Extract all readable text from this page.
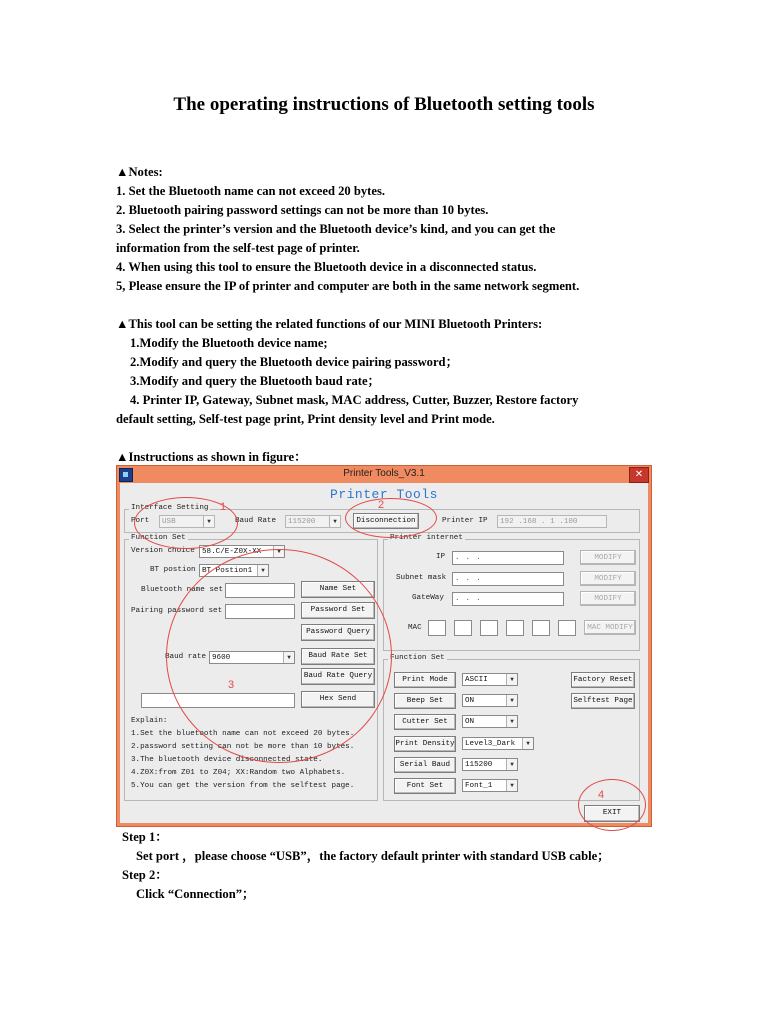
The operating instructions of Bluetooth setting tools
▲Notes:
1. Set the Bluetooth name can not exceed 20 bytes.
2. Bluetooth pairing password settings can not be more than 10 bytes.
3. Select the printer’s version and the Bluetooth device’s kind, and you can get the
information from the self-test page of printer.
4. When using this tool to ensure the Bluetooth device in a disconnected status.
5, Please ensure the IP of printer and computer are both in the same network segment.
▲This tool can be setting the related functions of our MINI Bluetooth Printers:
1.Modify the Bluetooth device name;
2.Modify and query the Bluetooth device pairing password；
3.Modify and query the Bluetooth baud rate；
4. Printer IP, Gateway, Subnet mask, MAC address, Cutter, Buzzer, Restore factory
default setting, Self-test page print, Print density level and Print mode.
▲Instructions as shown in figure：
Printer Tools_V3.1	✕
Printer Tools
Interface Setting
Port	USB	▼	Baud Rate	115200	▼	Disconnection	Printer IP	192 .168 . 1 .100
Function Set
Version choice 58.C/E-Z0X-XX	▼
BT postion BT Postion1	▼
Bluetooth name set	Name Set
Pairing password set	Password Set
Password Query
Baud rate 9600	▼	Baud Rate Set
Baud Rate Query
Hex Send
Explain:
1.Set the bluetooth name can not exceed 20 bytes.
2.password setting can not be more than 10 bytes.
3.The bluetooth device disconnected state.
4.Z0X:from Z01 to Z04; XX:Random two Alphabets.
5.You can get the version from the selftest page.
Printer internet
IP	...	MODIFY
Subnet mask	...	MODIFY
GateWay	...	MODIFY
MAC	MAC MODIFY
Function Set
Print Mode	ASCII	▼
Beep Set	ON	▼
Cutter Set	ON	▼
Print Density	Level3_Dark	▼
Serial Baud	115200	▼
Font Set	Font_1	▼
Factory Reset
Selftest Page
EXIT
1	2
3
4
Step 1：
Set port ，please choose “USB”，the factory default printer with standard USB cable；
Step 2：
Click “Connection”；
